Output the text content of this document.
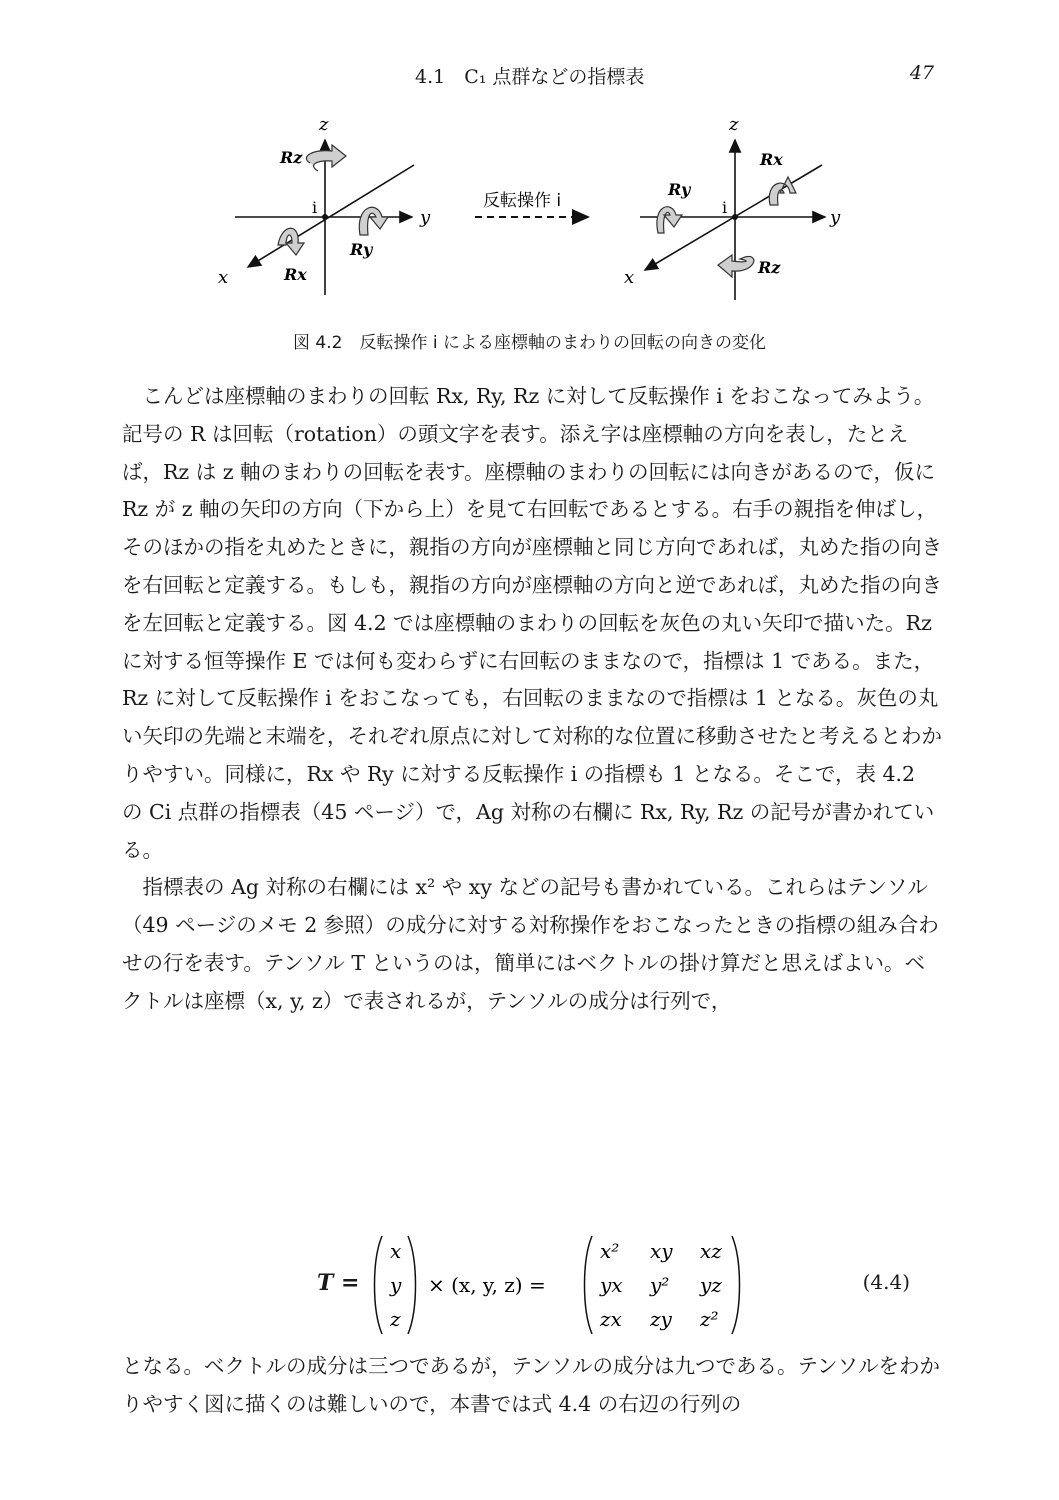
4.1　C₁ 点群などの指標表	47
z
y
x
i
Rz
Ry
Rx
反転操作 i
z
y
x
i
Rx
Ry
Rz
図 4.2　反転操作 i による座標軸のまわりの回転の向きの変化

こんどは座標軸のまわりの回転 Rx, Ry, Rz に対して反転操作 i をおこなってみよう。記号の R は回転（rotation）の頭文字を表す。添え字は座標軸の方向を表し，たとえば，Rz は z 軸のまわりの回転を表す。座標軸のまわりの回転には向きがあるので，仮に Rz が z 軸の矢印の方向（下から上）を見て右回転であるとする。右手の親指を伸ばし，そのほかの指を丸めたときに，親指の方向が座標軸と同じ方向であれば，丸めた指の向きを右回転と定義する。もしも，親指の方向が座標軸の方向と逆であれば，丸めた指の向きを左回転と定義する。図 4.2 では座標軸のまわりの回転を灰色の丸い矢印で描いた。Rz に対する恒等操作 E では何も変わらずに右回転のままなので，指標は 1 である。また，Rz に対して反転操作 i をおこなっても，右回転のままなので指標は 1 となる。灰色の丸い矢印の先端と末端を，それぞれ原点に対して対称的な位置に移動させたと考えるとわかりやすい。同様に，Rx や Ry に対する反転操作 i の指標も 1 となる。そこで，表 4.2 の Ci 点群の指標表（45 ページ）で，Ag 対称の右欄に Rx, Ry, Rz の記号が書かれている。

指標表の Ag 対称の右欄には x² や xy などの記号も書かれている。これらはテンソル（49 ページのメモ 2 参照）の成分に対する対称操作をおこなったときの指標の組み合わせの行を表す。テンソル T というのは，簡単にはベクトルの掛け算だと思えばよい。ベクトルは座標（x, y, z）で表されるが，テンソルの成分は行列で，

T =
x
y
z
× (x, y, z) =
x² xy xz
yx y² yz
zx zy z²
(4.4)
となる。ベクトルの成分は三つであるが，テンソルの成分は九つである。テンソルをわかりやすく図に描くのは難しいので，本書では式 4.4 の右辺の行列の
